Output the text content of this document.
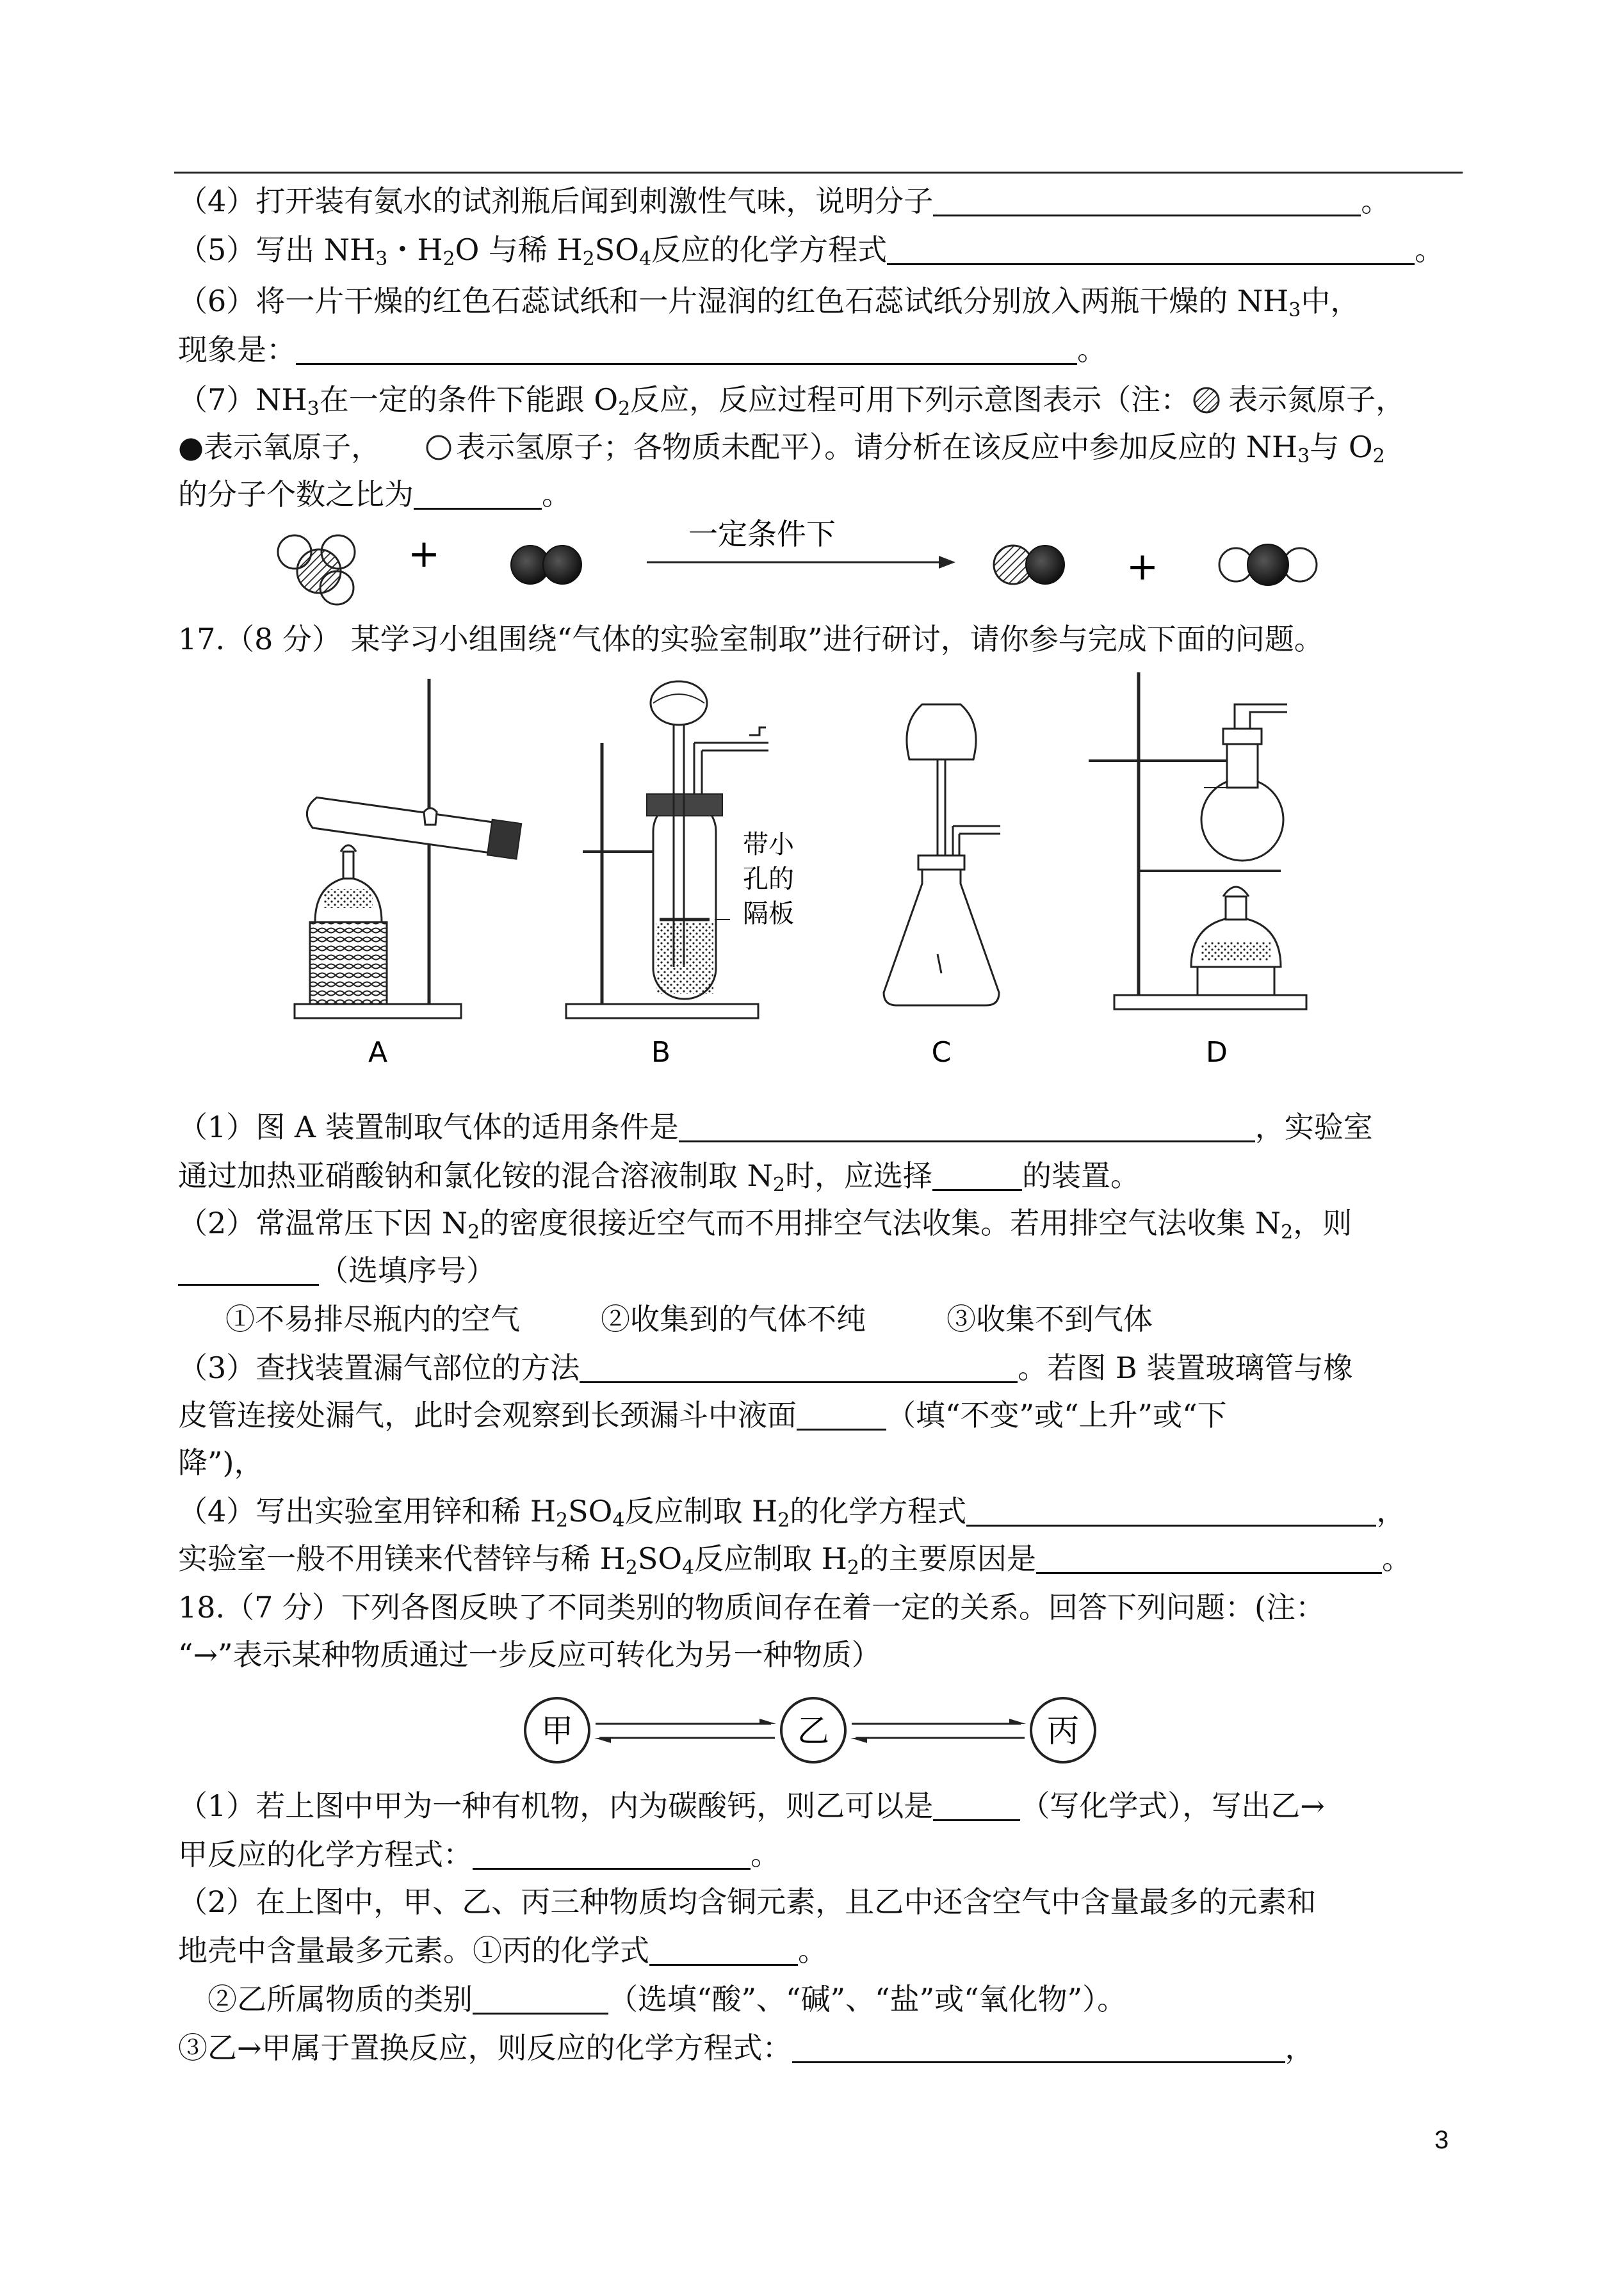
（4）打开装有氨水的试剂瓶后闻到刺激性气味，说明分子	。
（5）写出 $NH_3$・$H_2O$ 与稀 $H_2SO_4$反应的化学方程式	。
（6）将一片干燥的红色石蕊试纸和一片湿润的红色石蕊试纸分别放入两瓶干燥的 $NH_3$中，
现象是：	。
$(7)NH_3$在一定的条件下能跟 $O_2$反应，反应过程可用下列示意图表示（注： 表示氮原子，
●表示氧原子，	表示氢原子；各物质未配平）。请分析在该反应中参加反应的 $NH_3$与 $O_2$
的分子个数之比为	。
+	一定条件下
+
17.（8 分） 某学习小组围绕“气体的实验室制取”进行研讨，请你参与完成下面的问题。
A
带小
孔的
隔板
B	C	D
（1）图 A 装置制取气体的适用条件是	，实验室
通过加热亚硝酸钠和氯化铵的混合溶液制取 $N_2$时，应选择	的装置。
（2）常温常压下因 $N_2$的密度很接近空气而不用排空气法收集。若用排空气法收集 $N_2$，则
（选填序号）
①不易排尽瓶内的空气	②收集到的气体不纯	③收集不到气体
（3）查找装置漏气部位的方法	。若图 B 装置玻璃管与橡
皮管连接处漏气，此时会观察到长颈漏斗中液面	（填“不变”或“上升”或“下
降”)，
（4）写出实验室用锌和稀 $H_2SO_4$反应制取 $H_2$的化学方程式	，
实验室一般不用镁来代替锌与稀 $H_2SO_4$反应制取 $H_2$的主要原因是	。
18.（7 分）下列各图反映了不同类别的物质间存在着一定的关系。回答下列问题：(注：
“→”表示某种物质通过一步反应可转化为另一种物质）
甲	乙	丙
（1）若上图中甲为一种有机物，内为碳酸钙，则乙可以是	（写化学式），写出乙→
甲反应的化学方程式：	。
（2）在上图中，甲、乙、丙三种物质均含铜元素，且乙中还含空气中含量最多的元素和
地壳中含量最多元素。①丙的化学式	。
②乙所属物质的类别	（选填“酸”、“碱”、“盐”或“氧化物”）。
③乙→甲属于置换反应，则反应的化学方程式：	，
3
